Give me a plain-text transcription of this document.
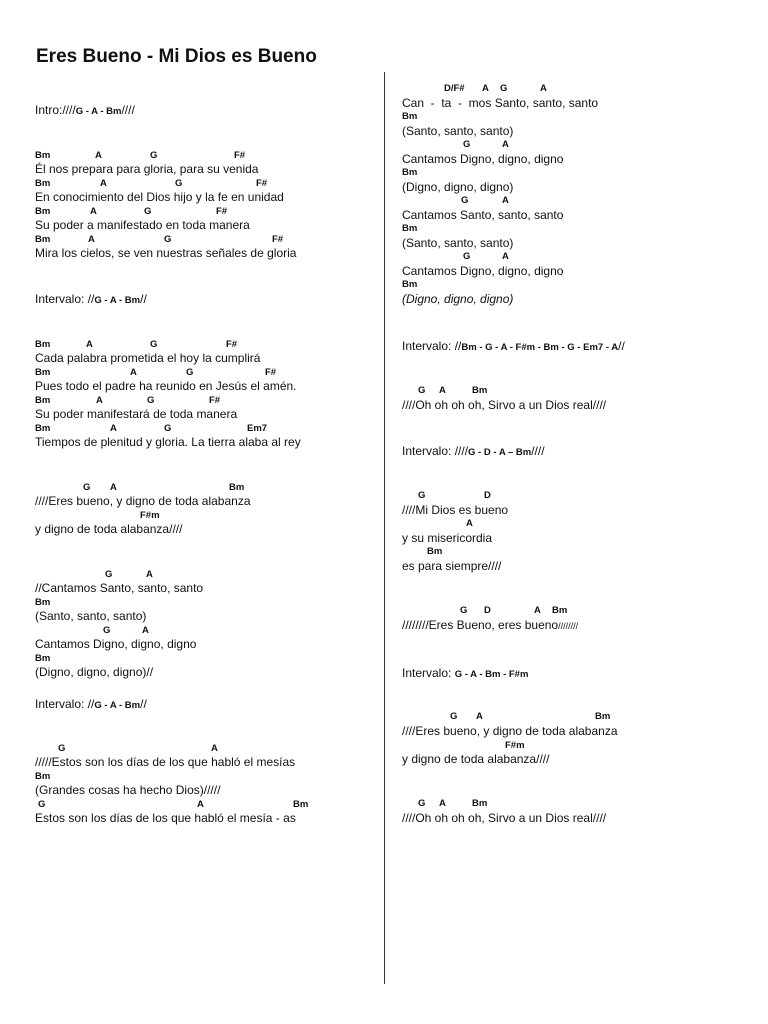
Eres Bueno - Mi Dios es Bueno
Intro:////G - A - Bm////
Bm	A	G	F#
Él nos prepara para gloria, para su venida
Bm	A	G	F#
En conocimiento del Dios hijo y la fe en unidad
Bm	A	G	F#
Su poder a manifestado en toda manera
Bm	A	G	F#
Mira los cielos, se ven nuestras señales de gloria
Intervalo: //G - A - Bm//
Bm	A	G	F#
Cada palabra prometida el hoy la cumplirá
Bm	A	G	F#
Pues todo el padre ha reunido en Jesús el amén.
Bm	A	G	F#
Su poder manifestará de toda manera
Bm	A	G	Em7
Tiempos de plenitud y gloria. La tierra alaba al rey
G A	Bm
////Eres bueno, y digno de toda alabanza
F#m
y digno de toda alabanza////
G	A
//Cantamos Santo, santo, santo
Bm
(Santo, santo, santo)
G	A
Cantamos Digno, digno, digno
Bm
(Digno, digno, digno)//
Intervalo: //G - A - Bm//
G	A
/////Estos son los días de los que habló el mesías
Bm
(Grandes cosas ha hecho Dios)/////
G	A	Bm
Estos son los días de los que habló el mesía - as
D/F# A G	A
Can  -  ta  -  mos Santo, santo, santo
Bm
(Santo, santo, santo)
G	A
Cantamos Digno, digno, digno
Bm
(Digno, digno, digno)
G	A
Cantamos Santo, santo, santo
Bm
(Santo, santo, santo)
G	A
Cantamos Digno, digno, digno
Bm
(Digno, digno, digno)
Intervalo: //Bm - G - A - F#m - Bm - G - Em7 - A//
G A	Bm
////Oh oh oh oh, Sirvo a un Dios real////
Intervalo: ////G - D - A – Bm////
G	D
////Mi Dios es bueno
A
y su misericordia
Bm
es para siempre////
G D	A Bm
////////Eres Bueno, eres bueno////////
Intervalo: G - A - Bm - F#m
G A	Bm
////Eres bueno, y digno de toda alabanza
F#m
y digno de toda alabanza////
G A	Bm
////Oh oh oh oh, Sirvo a un Dios real////
